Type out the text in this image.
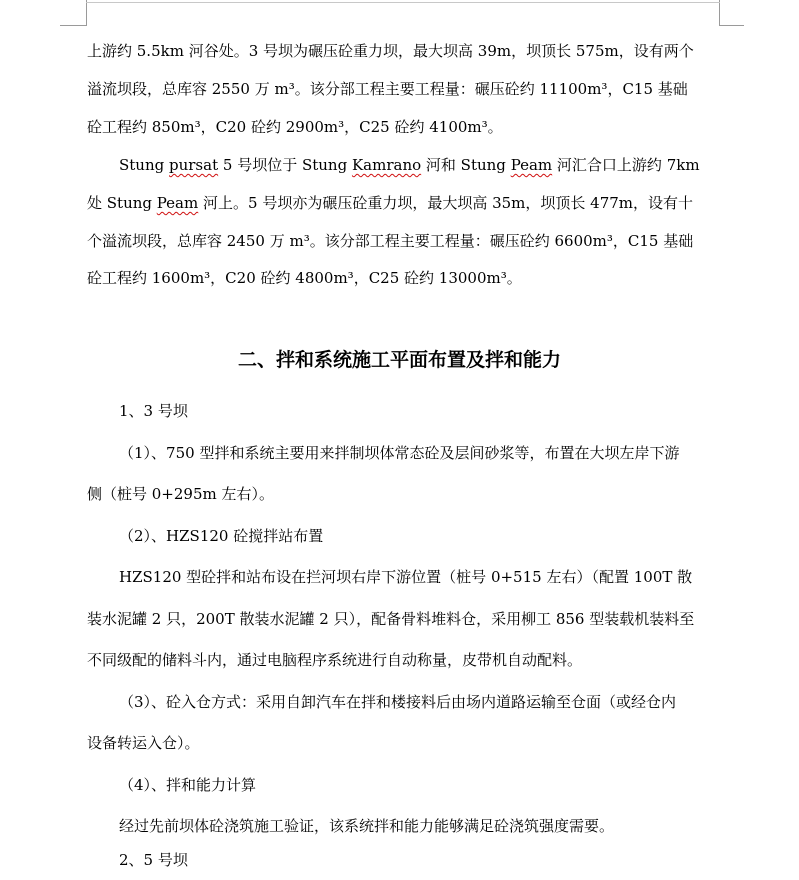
上游约 5.5km 河谷处。3 号坝为碾压砼重力坝，最大坝高 39m，坝顶长 575m，设有两个
溢流坝段，总库容 2550 万 m³。该分部工程主要工程量：碾压砼约 11100m³，C15 基础
砼工程约 850m³，C20 砼约 2900m³，C25 砼约 4100m³。
Stung pursat 5 号坝位于 Stung Kamrano 河和 Stung Peam 河汇合口上游约 7km
处 Stung Peam 河上。5 号坝亦为碾压砼重力坝，最大坝高 35m，坝顶长 477m，设有十
个溢流坝段，总库容 2450 万 m³。该分部工程主要工程量：碾压砼约 6600m³，C15 基础
砼工程约 1600m³，C20 砼约 4800m³，C25 砼约 13000m³。
二、拌和系统施工平面布置及拌和能力
1、3 号坝
（1）、750 型拌和系统主要用来拌制坝体常态砼及层间砂浆等，布置在大坝左岸下游
侧（桩号 0+295m 左右）。
（2）、HZS120 砼搅拌站布置
HZS120 型砼拌和站布设在拦河坝右岸下游位置（桩号 0+515 左右）（配置 100T 散
装水泥罐 2 只，200T 散装水泥罐 2 只），配备骨料堆料仓，采用柳工 856 型装载机装料至
不同级配的储料斗内，通过电脑程序系统进行自动称量，皮带机自动配料。
（3）、砼入仓方式：采用自卸汽车在拌和楼接料后由场内道路运输至仓面（或经仓内
设备转运入仓）。
（4）、拌和能力计算
经过先前坝体砼浇筑施工验证，该系统拌和能力能够满足砼浇筑强度需要。
2、5 号坝
